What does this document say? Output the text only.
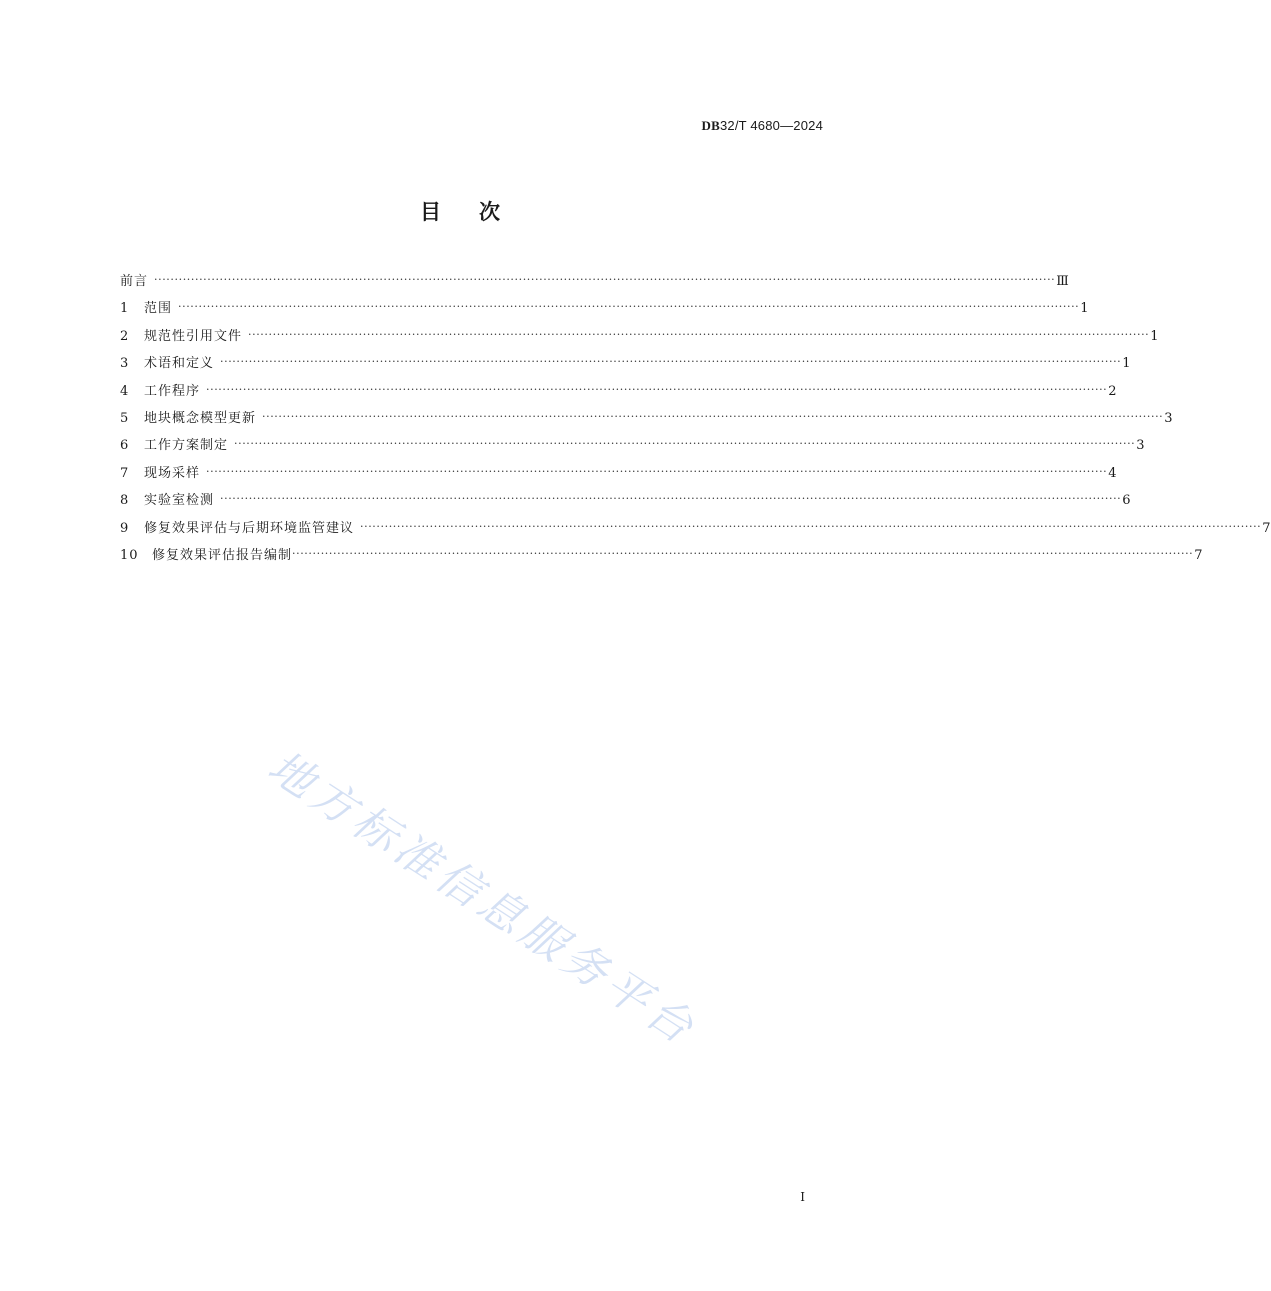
DB32/T 4680—2024
目次
前言 ···························································································································································································································· Ⅲ
1	范围 ···························································································································································································································· 1
2	规范性引用文件 ···························································································································································································································· 1
3	术语和定义 ···························································································································································································································· 1
4	工作程序 ···························································································································································································································· 2
5	地块概念模型更新 ···························································································································································································································· 3
6	工作方案制定 ···························································································································································································································· 3
7	现场采样 ···························································································································································································································· 4
8	实验室检测 ···························································································································································································································· 6
9	修复效果评估与后期环境监管建议 ···························································································································································································································· 7
10	修复效果评估报告编制 ···························································································································································································································· 7
地方标准信息服务平台
I
